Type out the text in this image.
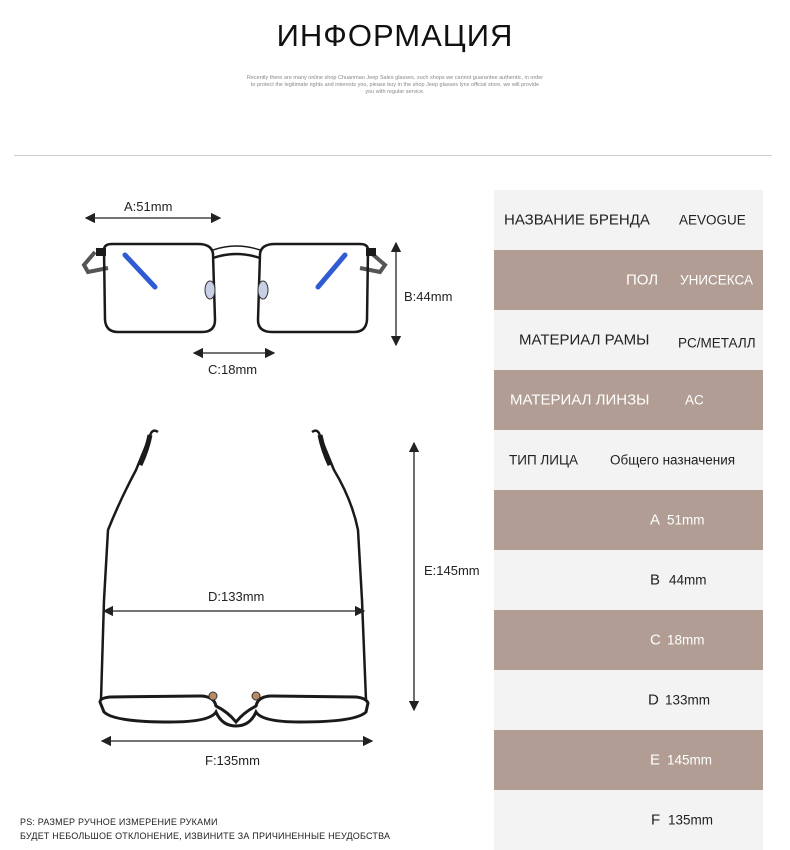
ИНФОРМАЦИЯ
Recently there are many online shop Chuanmao Jeep Sales glasses, such shops we cannot guarantee authentic, in order
to protect the legitimate rights and interests you, please buy in the shop Jeep glasses lynx official store, we will provide
you with regular service.
A:51mm
B:44mm
C:18mm
D:133mm
E:145mm
F:135mm
НАЗВАНИЕ БРЕНДА AEVOGUE
ПОЛ УНИСЕКСА
МАТЕРИАЛ РАМЫ PC/МЕТАЛЛ
МАТЕРИАЛ ЛИНЗЫ	AC
ТИП ЛИЦА Общего назначения
A 51mm
B 44mm
C 18mm
D 133mm
E 145mm
F 135mm
PS: РАЗМЕР РУЧНОЕ ИЗМЕРЕНИЕ РУКАМИ
БУДЕТ НЕБОЛЬШОЕ ОТКЛОНЕНИЕ, ИЗВИНИТЕ ЗА ПРИЧИНЕННЫЕ НЕУДОБСТВА
